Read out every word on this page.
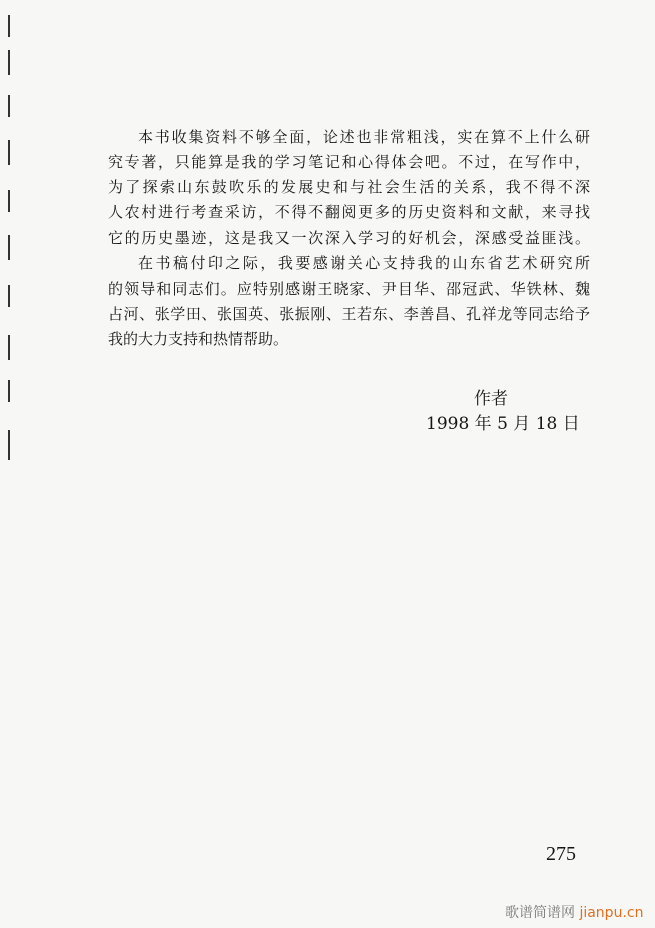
本书收集资料不够全面，论述也非常粗浅，实在算不上什么研
究专著，只能算是我的学习笔记和心得体会吧。不过，在写作中，
为了探索山东鼓吹乐的发展史和与社会生活的关系，我不得不深
人农村进行考查采访，不得不翻阅更多的历史资料和文献，来寻找
它的历史墨迹，这是我又一次深入学习的好机会，深感受益匪浅。
在书稿付印之际，我要感谢关心支持我的山东省艺术研究所
的领导和同志们。应特别感谢王晓家、尹目华、邵冠武、华铁林、魏
占河、张学田、张国英、张振刚、王若东、李善昌、孔祥龙等同志给予
我的大力支持和热情帮助。
作者
1998 年 5 月 18 日
275
歌谱简谱网 jianpu.cn
